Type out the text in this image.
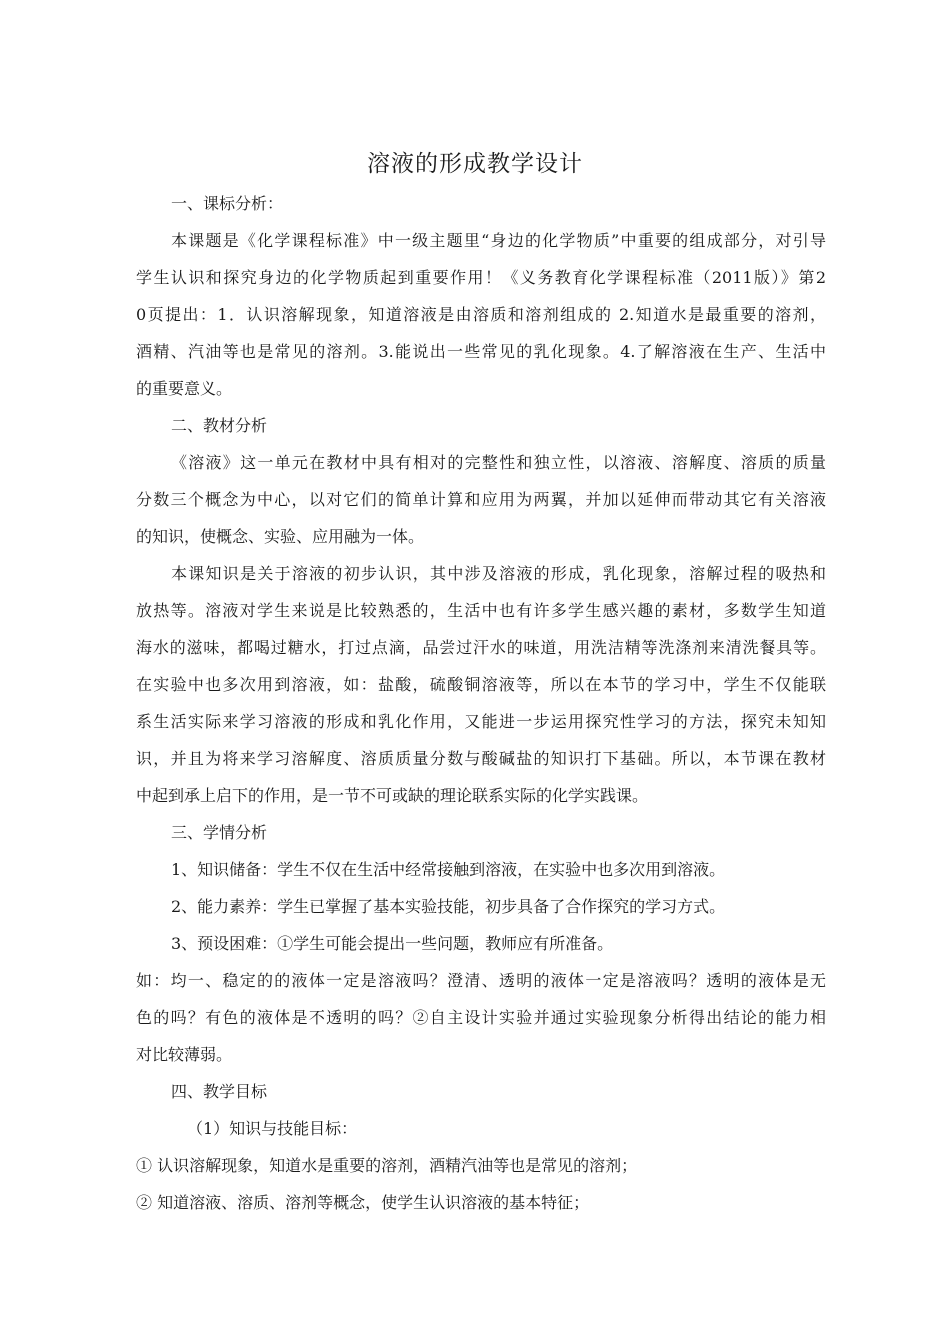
溶液的形成教学设计
一、课标分析：
本课题是《化学课程标准》中一级主题里“身边的化学物质”中重要的组成部分，对引导
学生认识和探究身边的化学物质起到重要作用！《义务教育化学课程标准（2011版）》第2
0页提出：1．认识溶解现象，知道溶液是由溶质和溶剂组成的 2.知道水是最重要的溶剂，
酒精、汽油等也是常见的溶剂。3.能说出一些常见的乳化现象。4.了解溶液在生产、生活中
的重要意义。
二、教材分析
《溶液》这一单元在教材中具有相对的完整性和独立性，以溶液、溶解度、溶质的质量
分数三个概念为中心，以对它们的简单计算和应用为两翼，并加以延伸而带动其它有关溶液
的知识，使概念、实验、应用融为一体。
本课知识是关于溶液的初步认识，其中涉及溶液的形成，乳化现象，溶解过程的吸热和
放热等。溶液对学生来说是比较熟悉的，生活中也有许多学生感兴趣的素材，多数学生知道
海水的滋味，都喝过糖水，打过点滴，品尝过汗水的味道，用洗洁精等洗涤剂来清洗餐具等。
在实验中也多次用到溶液，如：盐酸，硫酸铜溶液等，所以在本节的学习中，学生不仅能联
系生活实际来学习溶液的形成和乳化作用，又能进一步运用探究性学习的方法，探究未知知
识，并且为将来学习溶解度、溶质质量分数与酸碱盐的知识打下基础。所以，本节课在教材
中起到承上启下的作用，是一节不可或缺的理论联系实际的化学实践课。
三、学情分析
1、知识储备：学生不仅在生活中经常接触到溶液，在实验中也多次用到溶液。
2、能力素养：学生已掌握了基本实验技能，初步具备了合作探究的学习方式。
3、预设困难：①学生可能会提出一些问题，教师应有所准备。
如：均一、稳定的的液体一定是溶液吗？澄清、透明的液体一定是溶液吗？透明的液体是无
色的吗？有色的液体是不透明的吗？②自主设计实验并通过实验现象分析得出结论的能力相
对比较薄弱。
四、教学目标
（1）知识与技能目标：
① 认识溶解现象，知道水是重要的溶剂，酒精汽油等也是常见的溶剂；
② 知道溶液、溶质、溶剂等概念，使学生认识溶液的基本特征；
